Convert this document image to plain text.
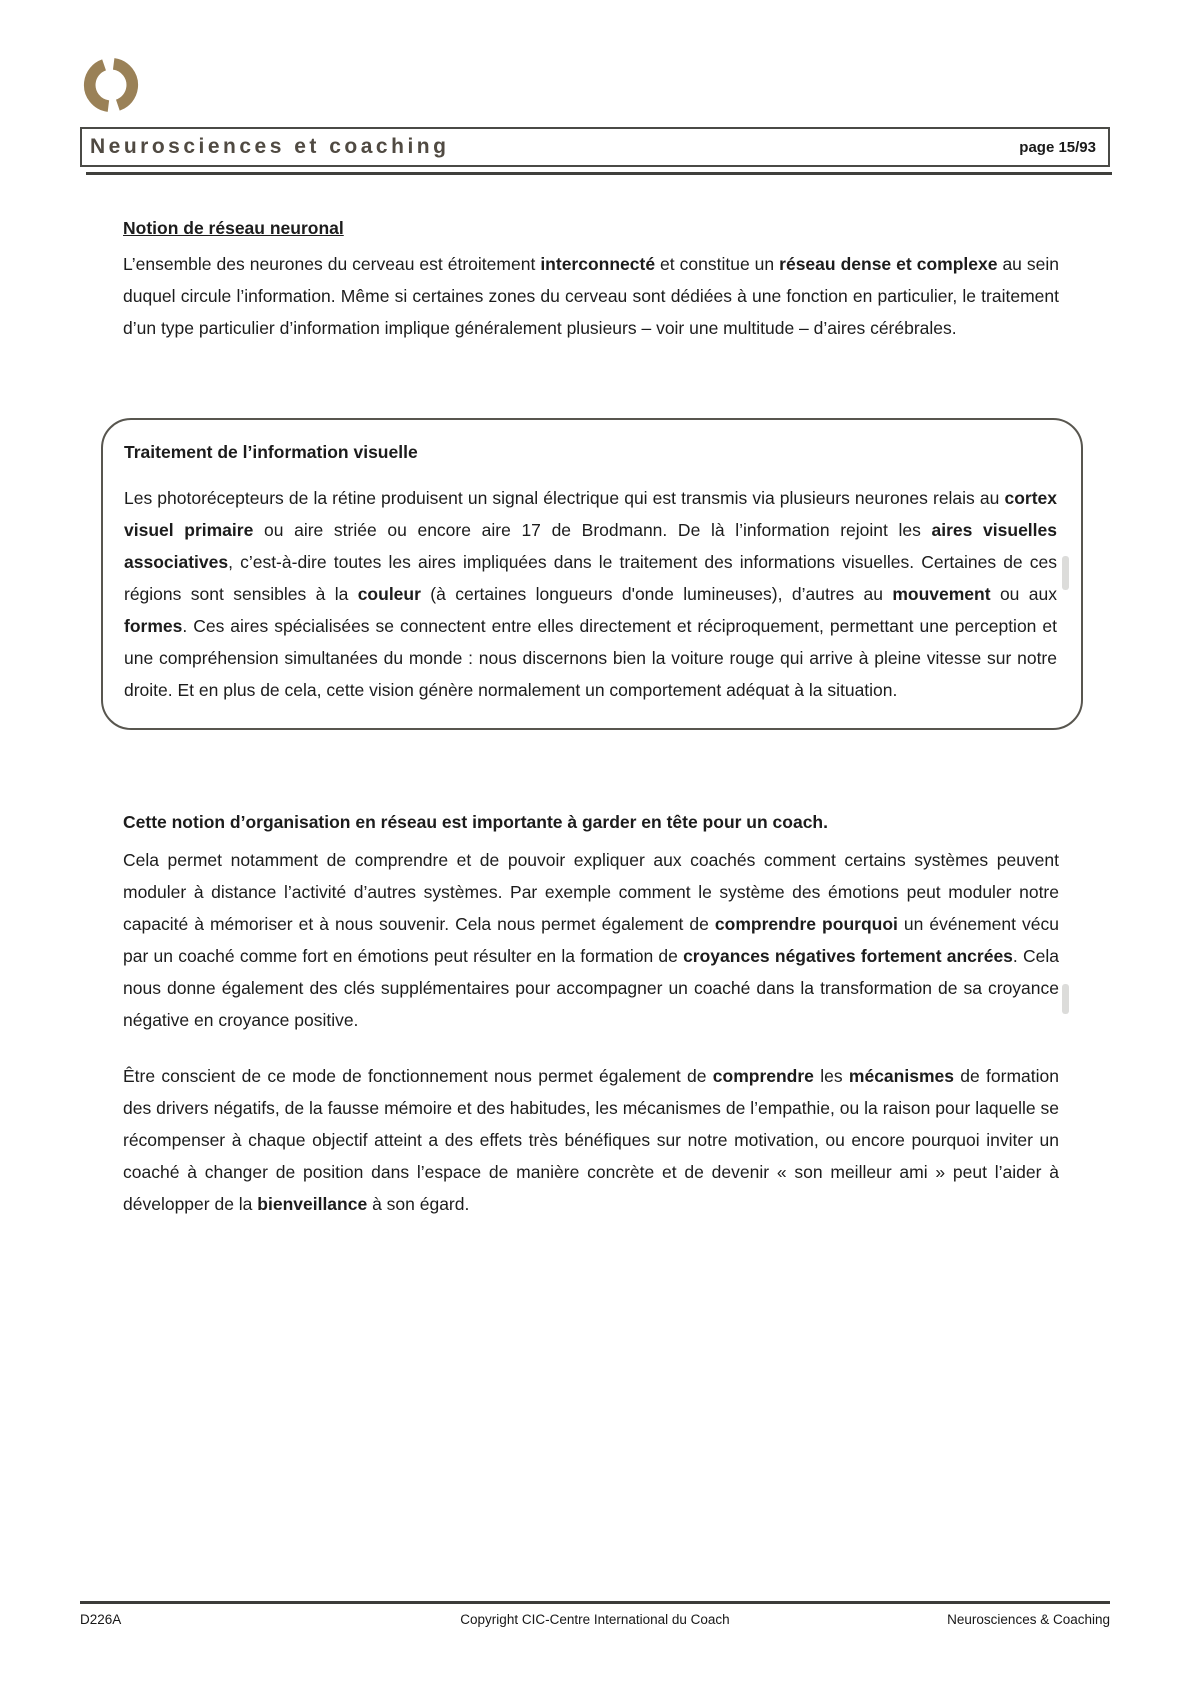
Neurosciences et coaching	page 15/93
Notion de réseau neuronal
L’ensemble des neurones du cerveau est étroitement interconnecté et constitue un réseau dense et complexe au sein duquel circule l’information. Même si certaines zones du cerveau sont dédiées à une fonction en particulier, le traitement d’un type particulier d’information implique généralement plusieurs – voir une multitude – d’aires cérébrales.
Traitement de l’information visuelle
Les photorécepteurs de la rétine produisent un signal électrique qui est transmis via plusieurs neurones relais au cortex visuel primaire ou aire striée ou encore aire 17 de Brodmann. De là l’information rejoint les aires visuelles associatives, c’est-à-dire toutes les aires impliquées dans le traitement des informations visuelles. Certaines de ces régions sont sensibles à la couleur (à certaines longueurs d'onde lumineuses), d’autres au mouvement ou aux formes. Ces aires spécialisées se connectent entre elles directement et réciproquement, permettant une perception et une compréhension simultanées du monde : nous discernons bien la voiture rouge qui arrive à pleine vitesse sur notre droite. Et en plus de cela, cette vision génère normalement un comportement adéquat à la situation.
Cette notion d’organisation en réseau est importante à garder en tête pour un coach.
Cela permet notamment de comprendre et de pouvoir expliquer aux coachés comment certains systèmes peuvent moduler à distance l’activité d’autres systèmes. Par exemple comment le système des émotions peut moduler notre capacité à mémoriser et à nous souvenir. Cela nous permet également de comprendre pourquoi un événement vécu par un coaché comme fort en émotions peut résulter en la formation de croyances négatives fortement ancrées. Cela nous donne également des clés supplémentaires pour accompagner un coaché dans la transformation de sa croyance négative en croyance positive.
Être conscient de ce mode de fonctionnement nous permet également de comprendre les mécanismes de formation des drivers négatifs, de la fausse mémoire et des habitudes, les mécanismes de l’empathie, ou la raison pour laquelle se récompenser à chaque objectif atteint a des effets très bénéfiques sur notre motivation, ou encore pourquoi inviter un coaché à changer de position dans l’espace de manière concrète et de devenir « son meilleur ami » peut l’aider à développer de la bienveillance à son égard.
D226A	Copyright CIC-Centre International du Coach	Neurosciences & Coaching
